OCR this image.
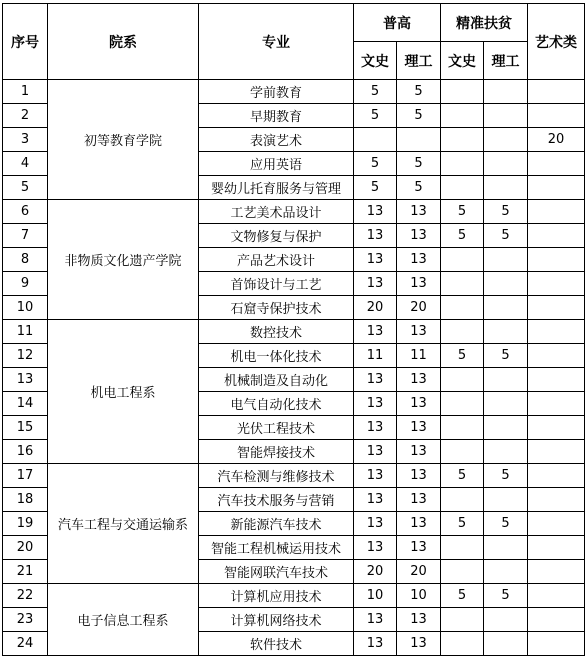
序号	院系	专业	普高		精准扶贫		艺术类
			文史	理工	文史	理工	
1	初等教育学院	学前教育	5	5			
2		早期教育	5	5			
3		表演艺术					20
4		应用英语	5	5			
5		婴幼儿托育服务与管理	5	5			
6	非物质文化遗产学院	工艺美术品设计	13	13	5	5	
7		文物修复与保护	13	13	5	5	
8		产品艺术设计	13	13			
9		首饰设计与工艺	13	13			
10		石窟寺保护技术	20	20			
11	机电工程系	数控技术	13	13			
12		机电一体化技术	11	11	5	5	
13		机械制造及自动化	13	13			
14		电气自动化技术	13	13			
15		光伏工程技术	13	13			
16		智能焊接技术	13	13			
17	汽车工程与交通运输系	汽车检测与维修技术	13	13	5	5	
18		汽车技术服务与营销	13	13			
19		新能源汽车技术	13	13	5	5	
20		智能工程机械运用技术	13	13			
21		智能网联汽车技术	20	20			
22	电子信息工程系	计算机应用技术	10	10	5	5	
23		计算机网络技术	13	13			
24		软件技术	13	13			
